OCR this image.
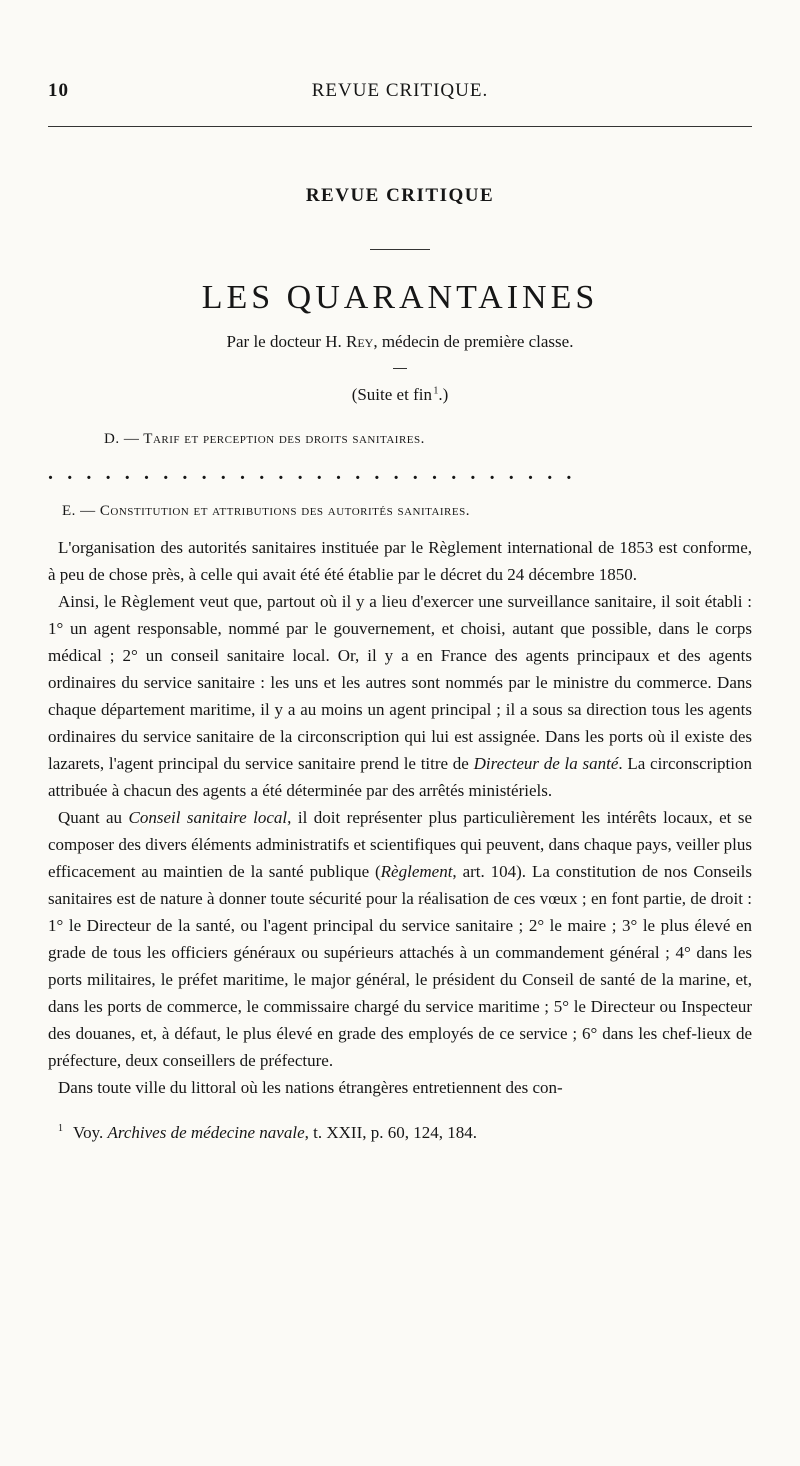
10	REVUE CRITIQUE.
REVUE CRITIQUE
LES QUARANTAINES
Par le docteur H. Rey, médecin de première classe.
(Suite et fin $^1$.)
D. — Tarif et perception des droits sanitaires.
............................
E. — Constitution et attributions des autorités sanitaires.

L'organisation des autorités sanitaires instituée par le Règlement international de 1853 est conforme, à peu de chose près, à celle qui avait été été établie par le décret du 24 décembre 1850.

Ainsi, le Règlement veut que, partout où il y a lieu d'exercer une surveillance sanitaire, il soit établi : 1° un agent responsable, nommé par le gouvernement, et choisi, autant que possible, dans le corps médical ; 2° un conseil sanitaire local. Or, il y a en France des agents principaux et des agents ordinaires du service sanitaire : les uns et les autres sont nommés par le ministre du commerce. Dans chaque département maritime, il y a au moins un agent principal ; il a sous sa direction tous les agents ordinaires du service sanitaire de la circonscription qui lui est assignée. Dans les ports où il existe des lazarets, l'agent principal du service sanitaire prend le titre de Directeur de la santé. La circonscription attribuée à chacun des agents a été déterminée par des arrêtés ministériels.

Quant au Conseil sanitaire local, il doit représenter plus particulièrement les intérêts locaux, et se composer des divers éléments administratifs et scientifiques qui peuvent, dans chaque pays, veiller plus efficacement au maintien de la santé publique (Règlement, art. 104). La constitution de nos Conseils sanitaires est de nature à donner toute sécurité pour la réalisation de ces vœux ; en font partie, de droit : 1° le Directeur de la santé, ou l'agent principal du service sanitaire ; 2° le maire ; 3° le plus élevé en grade de tous les officiers généraux ou supérieurs attachés à un commandement général ; 4° dans les ports militaires, le préfet maritime, le major général, le président du Conseil de santé de la marine, et, dans les ports de commerce, le commissaire chargé du service maritime ; 5° le Directeur ou Inspecteur des douanes, et, à défaut, le plus élevé en grade des employés de ce service ; 6° dans les chef-lieux de préfecture, deux conseillers de préfecture.

Dans toute ville du littoral où les nations étrangères entretiennent des con-

$^1$ Voy. Archives de médecine navale, t. XXII, p. 60, 124, 184.
